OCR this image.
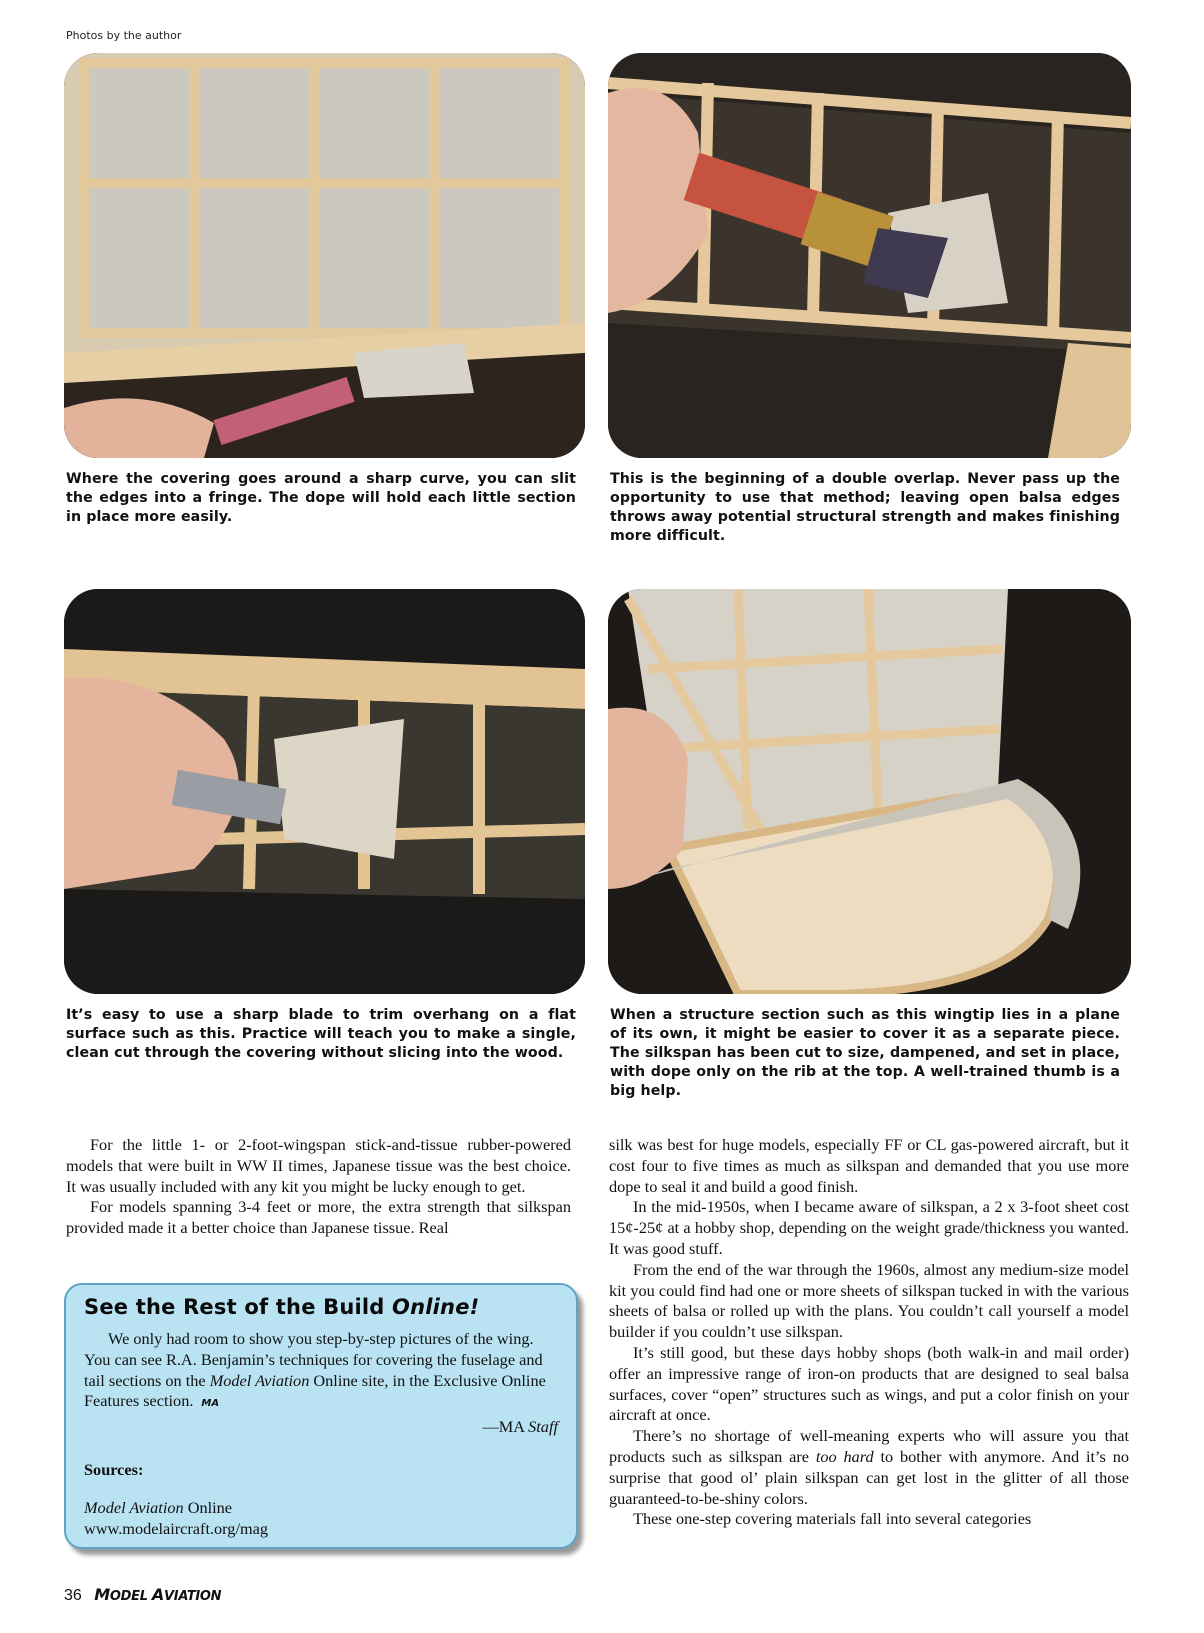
Photos by the author
Where the covering goes around a sharp curve, you can slit the edges into a fringe. The dope will hold each little section in place more easily.
This is the beginning of a double overlap. Never pass up the opportunity to use that method; leaving open balsa edges throws away potential structural strength and makes finishing more difficult.
It’s easy to use a sharp blade to trim overhang on a flat surface such as this. Practice will teach you to make a single, clean cut through the covering without slicing into the wood.
When a structure section such as this wingtip lies in a plane of its own, it might be easier to cover it as a separate piece. The silkspan has been cut to size, dampened, and set in place, with dope only on the rib at the top. A well-trained thumb is a big help.

For the little 1- or 2-foot-wingspan stick-and-tissue rubber-powered models that were built in WW II times, Japanese tissue was the best choice. It was usually included with any kit you might be lucky enough to get.

For models spanning 3-4 feet or more, the extra strength that silkspan provided made it a better choice than Japanese tissue. Real

See the Rest of the Build Online!
We only had room to show you step-by-step pictures of the wing. You can see R.A. Benjamin’s techniques for covering the fuselage and tail sections on the Model Aviation Online site, in the Exclusive Online Features section. MA
—MA Staff
Sources:
Model Aviation Online
www.modelaircraft.org/mag

silk was best for huge models, especially FF or CL gas-powered aircraft, but it cost four to five times as much as silkspan and demanded that you use more dope to seal it and build a good finish.

In the mid-1950s, when I became aware of silkspan, a 2 x 3-foot sheet cost 15¢-25¢ at a hobby shop, depending on the weight grade/thickness you wanted. It was good stuff.

From the end of the war through the 1960s, almost any medium-size model kit you could find had one or more sheets of silkspan tucked in with the various sheets of balsa or rolled up with the plans. You couldn’t call yourself a model builder if you couldn’t use silkspan.

It’s still good, but these days hobby shops (both walk-in and mail order) offer an impressive range of iron-on products that are designed to seal balsa surfaces, cover “open” structures such as wings, and put a color finish on your aircraft at once.

There’s no shortage of well-meaning experts who will assure you that products such as silkspan are too hard to bother with anymore. And it’s no surprise that good ol’ plain silkspan can get lost in the glitter of all those guaranteed-to-be-shiny colors.

These one-step covering materials fall into several categories

36 MODEL AVIATION
